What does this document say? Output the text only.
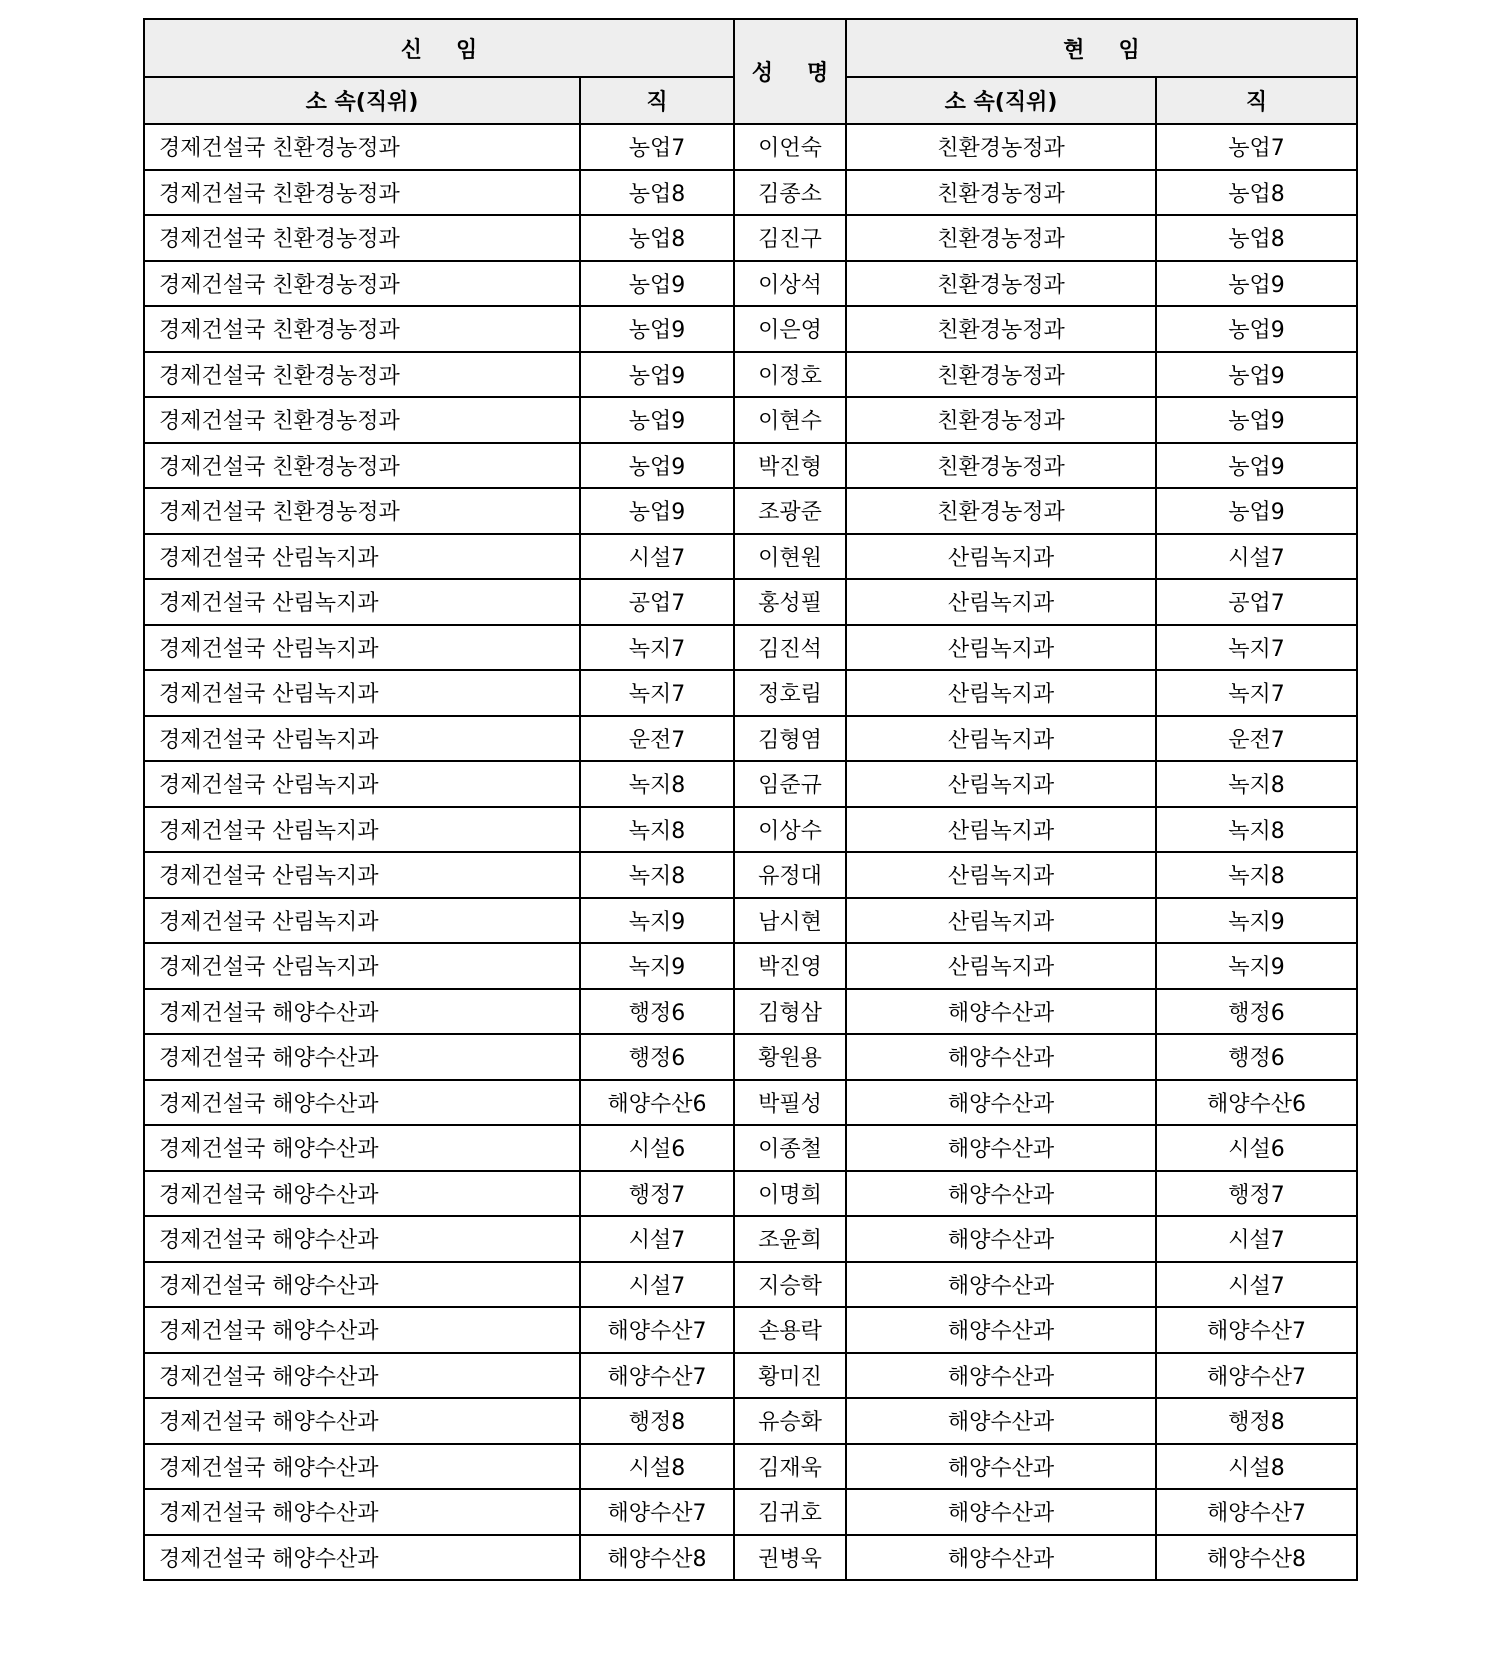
신 임		성 명	현 임	
소 속(직위)	직		소 속(직위)	직
경제건설국 친환경농정과	농업7	이언숙	친환경농정과	농업7
경제건설국 친환경농정과	농업8	김종소	친환경농정과	농업8
경제건설국 친환경농정과	농업8	김진구	친환경농정과	농업8
경제건설국 친환경농정과	농업9	이상석	친환경농정과	농업9
경제건설국 친환경농정과	농업9	이은영	친환경농정과	농업9
경제건설국 친환경농정과	농업9	이정호	친환경농정과	농업9
경제건설국 친환경농정과	농업9	이현수	친환경농정과	농업9
경제건설국 친환경농정과	농업9	박진형	친환경농정과	농업9
경제건설국 친환경농정과	농업9	조광준	친환경농정과	농업9
경제건설국 산림녹지과	시설7	이현원	산림녹지과	시설7
경제건설국 산림녹지과	공업7	홍성필	산림녹지과	공업7
경제건설국 산림녹지과	녹지7	김진석	산림녹지과	녹지7
경제건설국 산림녹지과	녹지7	정호림	산림녹지과	녹지7
경제건설국 산림녹지과	운전7	김형염	산림녹지과	운전7
경제건설국 산림녹지과	녹지8	임준규	산림녹지과	녹지8
경제건설국 산림녹지과	녹지8	이상수	산림녹지과	녹지8
경제건설국 산림녹지과	녹지8	유정대	산림녹지과	녹지8
경제건설국 산림녹지과	녹지9	남시현	산림녹지과	녹지9
경제건설국 산림녹지과	녹지9	박진영	산림녹지과	녹지9
경제건설국 해양수산과	행정6	김형삼	해양수산과	행정6
경제건설국 해양수산과	행정6	황원용	해양수산과	행정6
경제건설국 해양수산과	해양수산6	박필성	해양수산과	해양수산6
경제건설국 해양수산과	시설6	이종철	해양수산과	시설6
경제건설국 해양수산과	행정7	이명희	해양수산과	행정7
경제건설국 해양수산과	시설7	조윤희	해양수산과	시설7
경제건설국 해양수산과	시설7	지승학	해양수산과	시설7
경제건설국 해양수산과	해양수산7	손용락	해양수산과	해양수산7
경제건설국 해양수산과	해양수산7	황미진	해양수산과	해양수산7
경제건설국 해양수산과	행정8	유승화	해양수산과	행정8
경제건설국 해양수산과	시설8	김재욱	해양수산과	시설8
경제건설국 해양수산과	해양수산7	김귀호	해양수산과	해양수산7
경제건설국 해양수산과	해양수산8	권병욱	해양수산과	해양수산8
